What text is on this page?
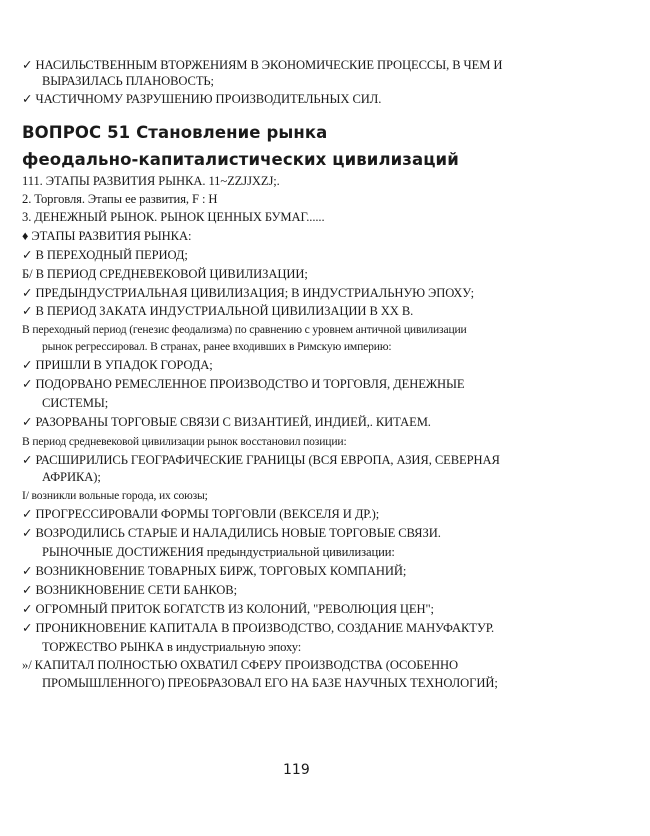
✓ НАСИЛЬСТВЕННЫМ ВТОРЖЕНИЯМ В ЭКОНОМИЧЕСКИЕ ПРОЦЕССЫ, В ЧЕМ И
ВЫРАЗИЛАСЬ ПЛАНОВОСТЬ;
✓ ЧАСТИЧНОМУ РАЗРУШЕНИЮ ПРОИЗВОДИТЕЛЬНЫХ СИЛ.
ВОПРОС 51 Становление рынка
феодально-капиталистических цивилизаций
111. ЭТАПЫ РАЗВИТИЯ РЫНКА. 11~ZZJJXZJ;.
2. Торговля. Этапы ее развития, F : H
3. ДЕНЕЖНЫЙ РЫНОК. РЫНОК ЦЕННЫХ БУМАГ......
♦ ЭТАПЫ РАЗВИТИЯ РЫНКА:
✓ В ПЕРЕХОДНЫЙ ПЕРИОД;
Б/ В ПЕРИОД СРЕДНЕВЕКОВОЙ ЦИВИЛИЗАЦИИ;
✓ ПРЕДЫНДУСТРИАЛЬНАЯ ЦИВИЛИЗАЦИЯ; В ИНДУСТРИАЛЬНУЮ ЭПОХУ;
✓ В ПЕРИОД ЗАКАТА ИНДУСТРИАЛЬНОЙ ЦИВИЛИЗАЦИИ В XX В.
В переходный период (генезис феодализма) по сравнению с уровнем античной цивилизации
рынок регрессировал. В странах, ранее входивших в Римскую империю:
✓ ПРИШЛИ В УПАДОК ГОРОДА;
✓ ПОДОРВАНО РЕМЕСЛЕННОЕ ПРОИЗВОДСТВО И ТОРГОВЛЯ, ДЕНЕЖНЫЕ
СИСТЕМЫ;
✓ РАЗОРВАНЫ ТОРГОВЫЕ СВЯЗИ С ВИЗАНТИЕЙ, ИНДИЕЙ,. КИТАЕМ.
В период средневековой цивилизации рынок восстановил позиции:
✓ РАСШИРИЛИСЬ ГЕОГРАФИЧЕСКИЕ ГРАНИЦЫ (ВСЯ ЕВРОПА, АЗИЯ, СЕВЕРНАЯ
АФРИКА);
I/ возникли вольные города, их союзы;
✓ ПРОГРЕССИРОВАЛИ ФОРМЫ ТОРГОВЛИ (ВЕКСЕЛЯ И ДР.);
✓ ВОЗРОДИЛИСЬ СТАРЫЕ И НАЛАДИЛИСЬ НОВЫЕ ТОРГОВЫЕ СВЯЗИ.
РЫНОЧНЫЕ ДОСТИЖЕНИЯ предындустриальной цивилизации:
✓ ВОЗНИКНОВЕНИЕ ТОВАРНЫХ БИРЖ, ТОРГОВЫХ КОМПАНИЙ;
✓ ВОЗНИКНОВЕНИЕ СЕТИ БАНКОВ;
✓ ОГРОМНЫЙ ПРИТОК БОГАТСТВ ИЗ КОЛОНИЙ, "РЕВОЛЮЦИЯ ЦЕН";
✓ ПРОНИКНОВЕНИЕ КАПИТАЛА В ПРОИЗВОДСТВО, СОЗДАНИЕ МАНУФАКТУР.
ТОРЖЕСТВО РЫНКА в индустриальную эпоху:
»/ КАПИТАЛ ПОЛНОСТЬЮ ОХВАТИЛ СФЕРУ ПРОИЗВОДСТВА (ОСОБЕННО
ПРОМЫШЛЕННОГО) ПРЕОБРАЗОВАЛ ЕГО НА БАЗЕ НАУЧНЫХ ТЕХНОЛОГИЙ;
119
